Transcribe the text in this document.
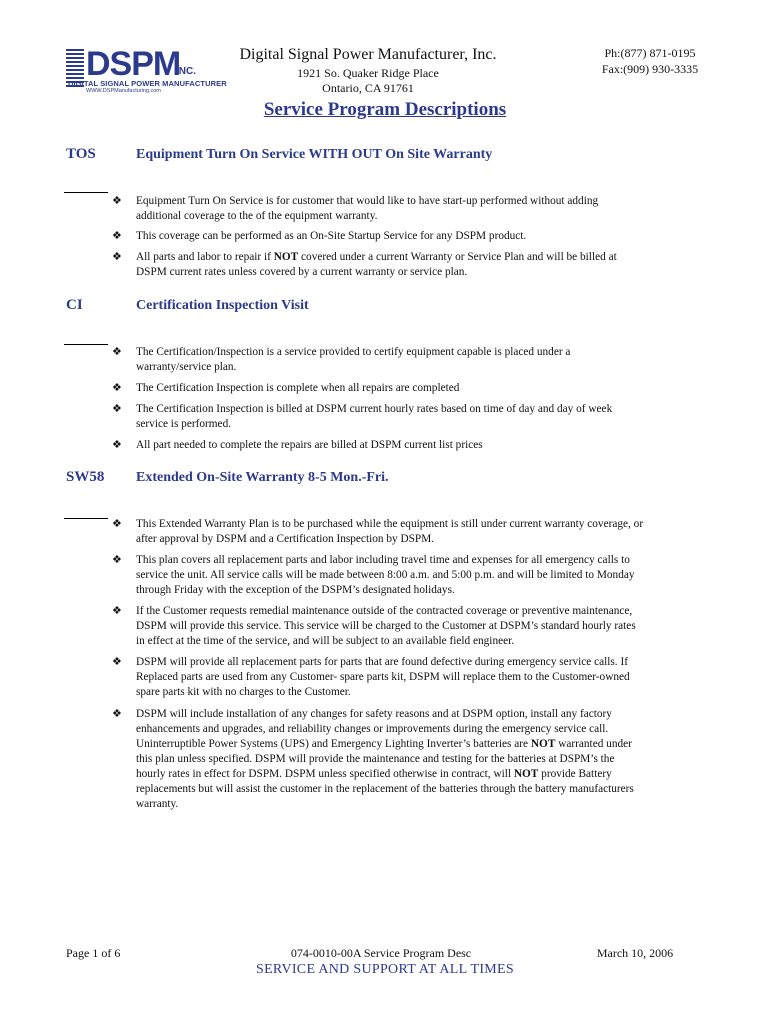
DSPM
INC.
DIGITAL SIGNAL POWER MANUFACTURER
WWW.DSPManufacturing.com
Digital Signal Power Manufacturer, Inc.
1921 So. Quaker Ridge Place
Ontario, CA 91761
Ph:(877) 871-0195
Fax:(909) 930-3335
Service Program Descriptions
TOS	Equipment Turn On Service WITH OUT On Site Warranty
❖ Equipment Turn On Service is for customer that would like to have start-up performed without adding
additional coverage to the of the equipment warranty.
❖ This coverage can be performed as an On-Site Startup Service for any DSPM product.
❖ All parts and labor to repair if NOT covered under a current Warranty or Service Plan and will be billed at
DSPM current rates unless covered by a current warranty or service plan.
CI	Certification Inspection Visit
❖ The Certification/Inspection is a service provided to certify equipment capable is placed under a
warranty/service plan.
❖ The Certification Inspection is complete when all repairs are completed
❖ The Certification Inspection is billed at DSPM current hourly rates based on time of day and day of week
service is performed.
❖ All part needed to complete the repairs are billed at DSPM current list prices
SW58 Extended On-Site Warranty 8-5 Mon.-Fri.
❖ This Extended Warranty Plan is to be purchased while the equipment is still under current warranty coverage, or
after approval by DSPM and a Certification Inspection by DSPM.
❖ This plan covers all replacement parts and labor including travel time and expenses for all emergency calls to
service the unit. All service calls will be made between 8:00 a.m. and 5:00 p.m. and will be limited to Monday
through Friday with the exception of the DSPM’s designated holidays.
❖ If the Customer requests remedial maintenance outside of the contracted coverage or preventive maintenance,
DSPM will provide this service. This service will be charged to the Customer at DSPM’s standard hourly rates
in effect at the time of the service, and will be subject to an available field engineer.
❖ DSPM will provide all replacement parts for parts that are found defective during emergency service calls. If
Replaced parts are used from any Customer- spare parts kit, DSPM will replace them to the Customer-owned
spare parts kit with no charges to the Customer.
❖ DSPM will include installation of any changes for safety reasons and at DSPM option, install any factory
enhancements and upgrades, and reliability changes or improvements during the emergency service call.
Uninterruptible Power Systems (UPS) and Emergency Lighting Inverter’s batteries are NOT warranted under
this plan unless specified. DSPM will provide the maintenance and testing for the batteries at DSPM’s the
hourly rates in effect for DSPM. DSPM unless specified otherwise in contract, will NOT provide Battery
replacements but will assist the customer in the replacement of the batteries through the battery manufacturers
warranty.
Page 1 of 6	074-0010-00A Service Program Desc	March 10, 2006
SERVICE AND SUPPORT AT ALL TIMES
